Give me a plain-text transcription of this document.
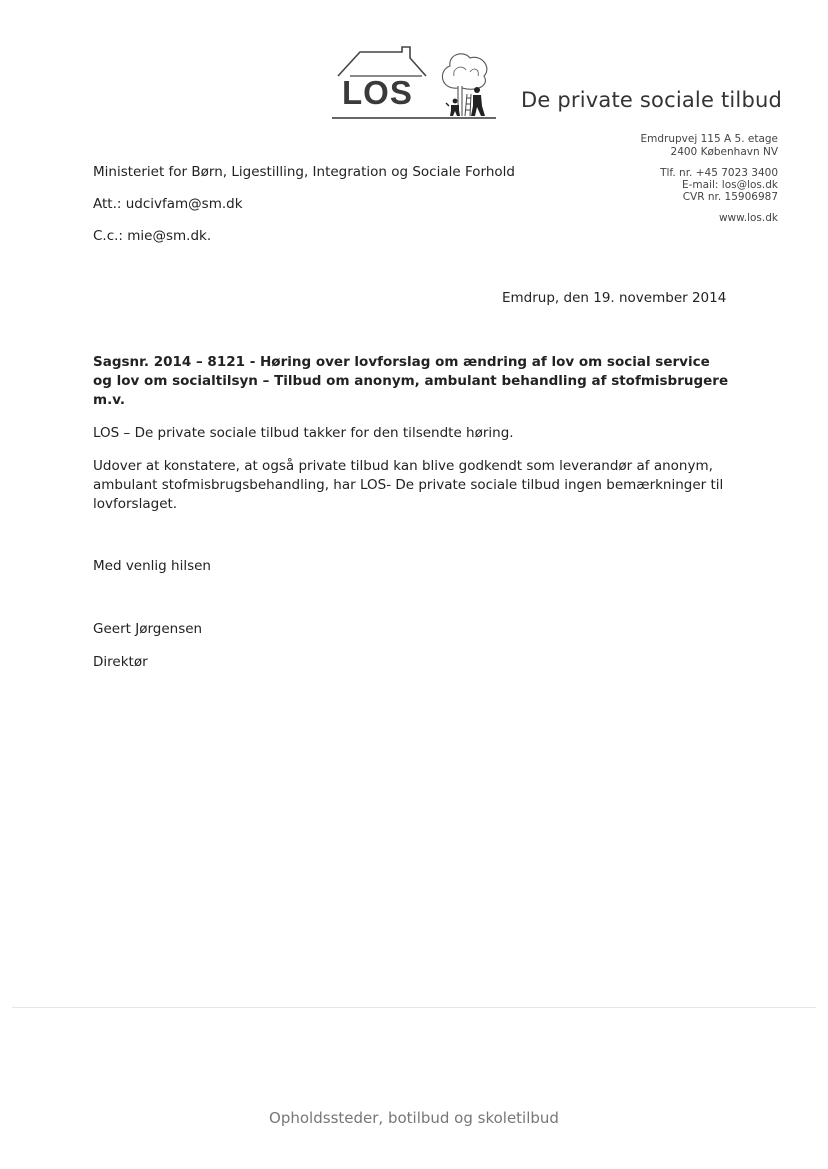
LOS	De private sociale tilbud
Emdrupvej 115 A 5. etage
2400 København NV
Tlf. nr. +45 7023 3400
E-mail: los@los.dk
CVR nr. 15906987
www.los.dk
Ministeriet for Børn, Ligestilling, Integration og Sociale Forhold
Att.: udcivfam@sm.dk
C.c.: mie@sm.dk.
Emdrup, den 19. november 2014
Sagsnr. 2014 – 8121 - Høring over lovforslag om ændring af lov om social service og lov om socialtilsyn – Tilbud om anonym, ambulant behandling af stofmisbrugere m.v.
LOS – De private sociale tilbud takker for den tilsendte høring.
Udover at konstatere, at også private tilbud kan blive godkendt som leverandør af anonym, ambulant stofmisbrugsbehandling, har LOS- De private sociale tilbud ingen bemærkninger til lovforslaget.
Med venlig hilsen
Geert Jørgensen
Direktør
Opholdssteder, botilbud og skoletilbud
